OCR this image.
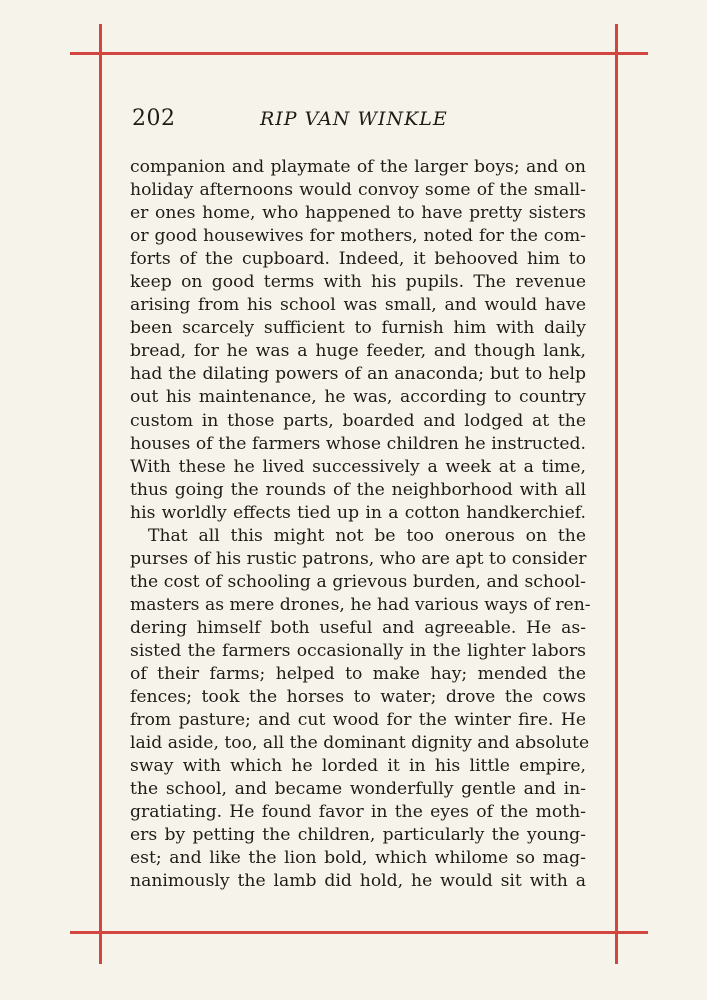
202	RIP VAN WINKLE
companion and playmate of the larger boys; and on
holiday afternoons would convoy some of the small-
er ones home, who happened to have pretty sisters
or good housewives for mothers, noted for the com-
forts of the cupboard. Indeed, it behooved him to
keep on good terms with his pupils. The revenue
arising from his school was small, and would have
been scarcely sufficient to furnish him with daily
bread, for he was a huge feeder, and though lank,
had the dilating powers of an anaconda; but to help
out his maintenance, he was, according to country
custom in those parts, boarded and lodged at the
houses of the farmers whose children he instructed.
With these he lived successively a week at a time,
thus going the rounds of the neighborhood with all
his worldly effects tied up in a cotton handkerchief.
That all this might not be too onerous on the
purses of his rustic patrons, who are apt to consider
the cost of schooling a grievous burden, and school-
masters as mere drones, he had various ways of ren-
dering himself both useful and agreeable. He as-
sisted the farmers occasionally in the lighter labors
of their farms; helped to make hay; mended the
fences; took the horses to water; drove the cows
from pasture; and cut wood for the winter fire. He
laid aside, too, all the dominant dignity and absolute
sway with which he lorded it in his little empire,
the school, and became wonderfully gentle and in-
gratiating. He found favor in the eyes of the moth-
ers by petting the children, particularly the young-
est; and like the lion bold, which whilome so mag-
nanimously the lamb did hold, he would sit with a
